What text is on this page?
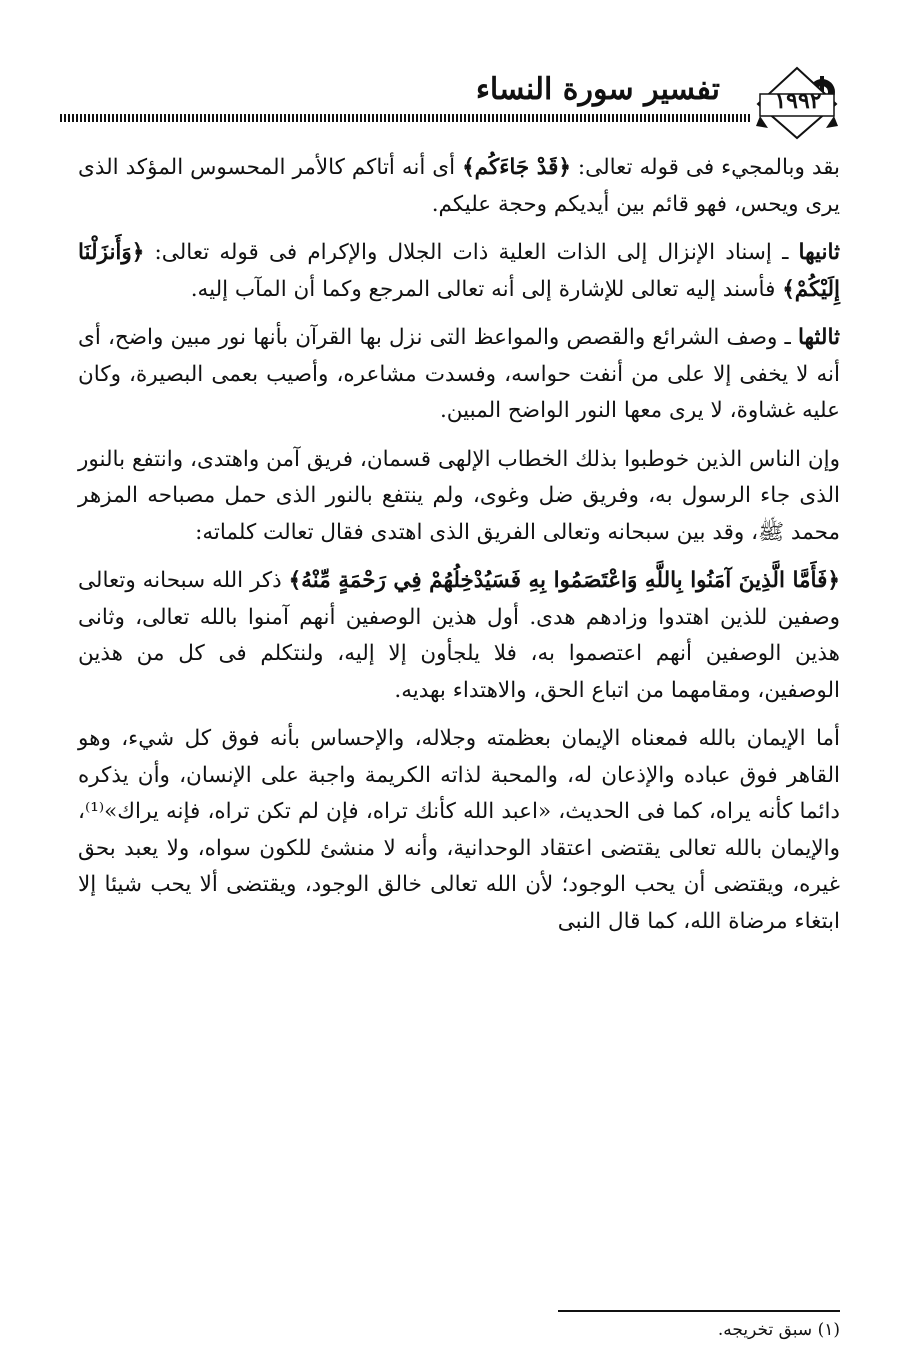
تفسير سورة النساء ١٩٩٢

بقد وبالمجيء فى قوله تعالى: ﴿قَدْ جَاءَكُم﴾ أى أنه أتاكم كالأمر المحسوس المؤكد الذى يرى ويحس، فهو قائم بين أيديكم وحجة عليكم.

ثانيها ـ إسناد الإنزال إلى الذات العلية ذات الجلال والإكرام فى قوله تعالى: ﴿وَأَنزَلْنَا إِلَيْكُمْ﴾ فأسند إليه تعالى للإشارة إلى أنه تعالى المرجع وكما أن المآب إليه.

ثالثها ـ وصف الشرائع والقصص والمواعظ التى نزل بها القرآن بأنها نور مبين واضح، أى أنه لا يخفى إلا على من أنفت حواسه، وفسدت مشاعره، وأصيب بعمى البصيرة، وكان عليه غشاوة، لا يرى معها النور الواضح المبين.

وإن الناس الذين خوطبوا بذلك الخطاب الإلهى قسمان، فريق آمن واهتدى، وانتفع بالنور الذى جاء الرسول به، وفريق ضل وغوى، ولم ينتفع بالنور الذى حمل مصباحه المزهر محمد ﷺ، وقد بين سبحانه وتعالى الفريق الذى اهتدى فقال تعالت كلماته:

﴿فَأَمَّا الَّذِينَ آمَنُوا بِاللَّهِ وَاعْتَصَمُوا بِهِ فَسَيُدْخِلُهُمْ فِي رَحْمَةٍ مِّنْهُ﴾ ذكر الله سبحانه وتعالى وصفين للذين اهتدوا وزادهم هدى. أول هذين الوصفين أنهم آمنوا بالله تعالى، وثانى هذين الوصفين أنهم اعتصموا به، فلا يلجأون إلا إليه، ولنتكلم فى كل من هذين الوصفين، ومقامهما من اتباع الحق، والاهتداء بهديه.

أما الإيمان بالله فمعناه الإيمان بعظمته وجلاله، والإحساس بأنه فوق كل شيء، وهو القاهر فوق عباده والإذعان له، والمحبة لذاته الكريمة واجبة على الإنسان، وأن يذكره دائما كأنه يراه، كما فى الحديث، «اعبد الله كأنك تراه، فإن لم تكن تراه، فإنه يراك»⁽¹⁾، والإيمان بالله تعالى يقتضى اعتقاد الوحدانية، وأنه لا منشئ للكون سواه، ولا يعبد بحق غيره، ويقتضى أن يحب الوجود؛ لأن الله تعالى خالق الوجود، ويقتضى ألا يحب شيئا إلا ابتغاء مرضاة الله، كما قال النبى

(١) سبق تخريجه.
